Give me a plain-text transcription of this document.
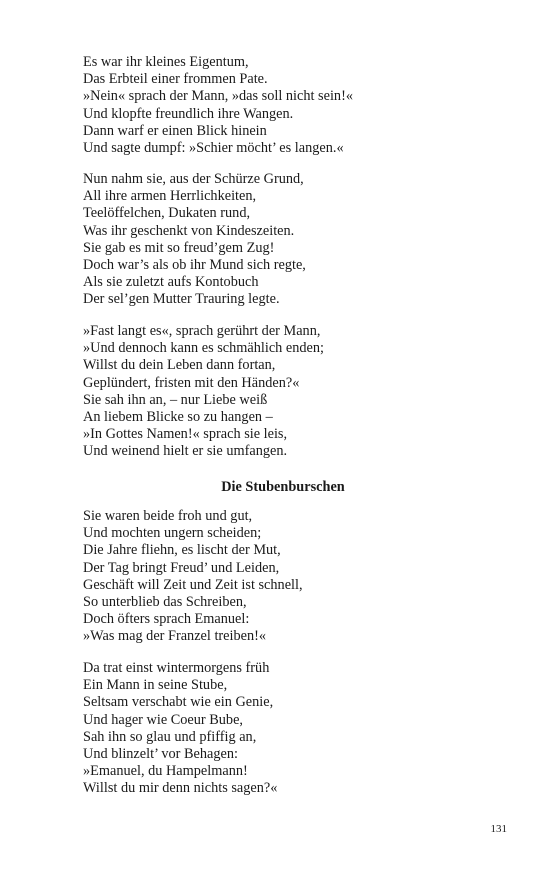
Es war ihr kleines Eigentum,
Das Erbteil einer frommen Pate.
»Nein« sprach der Mann, »das soll nicht sein!«
Und klopfte freundlich ihre Wangen.
Dann warf er einen Blick hinein
Und sagte dumpf: »Schier möcht’ es langen.«
Nun nahm sie, aus der Schürze Grund,
All ihre armen Herrlichkeiten,
Teelöffelchen, Dukaten rund,
Was ihr geschenkt von Kindeszeiten.
Sie gab es mit so freud’gem Zug!
Doch war’s als ob ihr Mund sich regte,
Als sie zuletzt aufs Kontobuch
Der sel’gen Mutter Trauring legte.
»Fast langt es«, sprach gerührt der Mann,
»Und dennoch kann es schmählich enden;
Willst du dein Leben dann fortan,
Geplündert, fristen mit den Händen?«
Sie sah ihn an, – nur Liebe weiß
An liebem Blicke so zu hangen –
»In Gottes Namen!« sprach sie leis,
Und weinend hielt er sie umfangen.
Die Stubenburschen
Sie waren beide froh und gut,
Und mochten ungern scheiden;
Die Jahre fliehn, es lischt der Mut,
Der Tag bringt Freud’ und Leiden,
Geschäft will Zeit und Zeit ist schnell,
So unterblieb das Schreiben,
Doch öfters sprach Emanuel:
»Was mag der Franzel treiben!«
Da trat einst wintermorgens früh
Ein Mann in seine Stube,
Seltsam verschabt wie ein Genie,
Und hager wie Coeur Bube,
Sah ihn so glau und pfiffig an,
Und blinzelt’ vor Behagen:
»Emanuel, du Hampelmann!
Willst du mir denn nichts sagen?«
131
